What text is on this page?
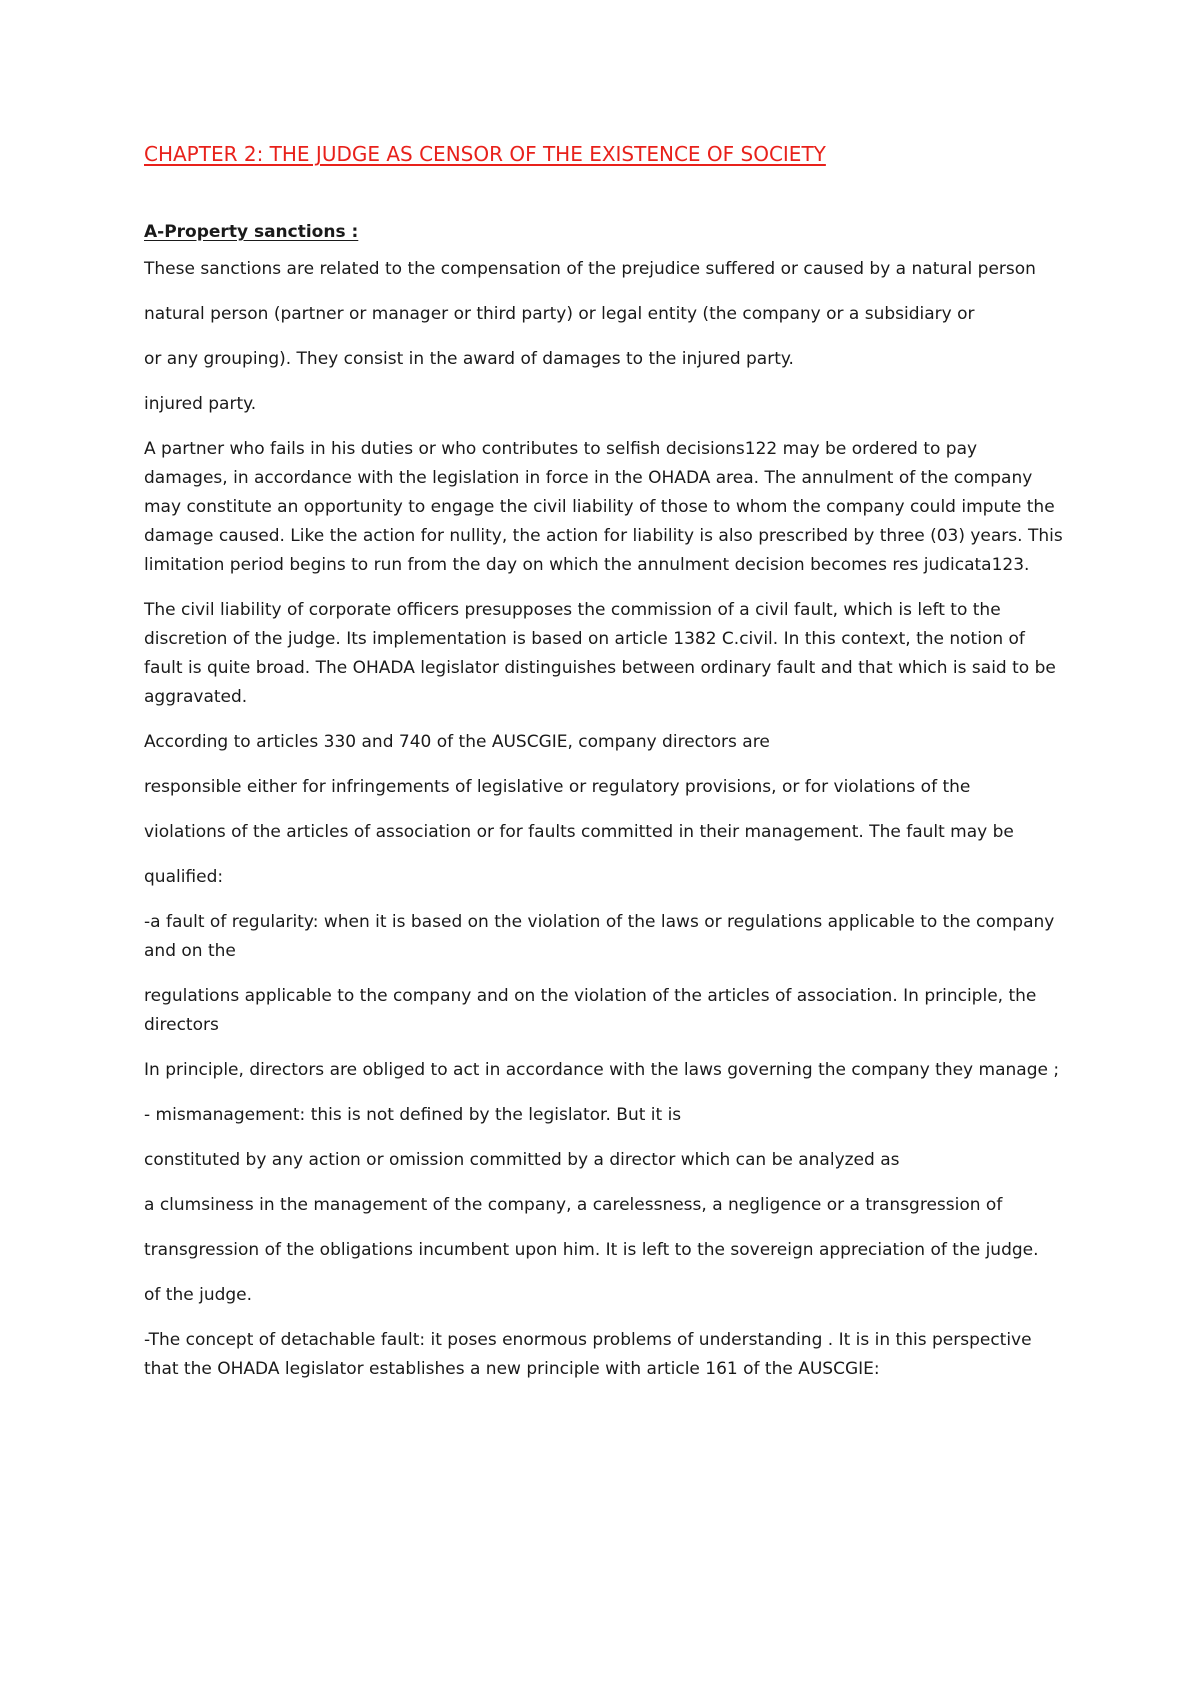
CHAPTER 2: THE JUDGE AS CENSOR OF THE EXISTENCE OF SOCIETY
A-Property sanctions :

These sanctions are related to the compensation of the prejudice suffered or caused by a natural person

natural person (partner or manager or third party) or legal entity (the company or a subsidiary or

or any grouping). They consist in the award of damages to the injured party.

injured party.

A partner who fails in his duties or who contributes to selfish decisions122 may be ordered to pay damages, in accordance with the legislation in force in the OHADA area. The annulment of the company may constitute an opportunity to engage the civil liability of those to whom the company could impute the damage caused. Like the action for nullity, the action for liability is also prescribed by three (03) years. This limitation period begins to run from the day on which the annulment decision becomes res judicata123.

The civil liability of corporate officers presupposes the commission of a civil fault, which is left to the discretion of the judge. Its implementation is based on article 1382 C.civil. In this context, the notion of fault is quite broad. The OHADA legislator distinguishes between ordinary fault and that which is said to be aggravated.

According to articles 330 and 740 of the AUSCGIE, company directors are

responsible either for infringements of legislative or regulatory provisions, or for violations of the

violations of the articles of association or for faults committed in their management. The fault may be

qualified:

-a fault of regularity: when it is based on the violation of the laws or regulations applicable to the company and on the

regulations applicable to the company and on the violation of the articles of association. In principle, the directors

In principle, directors are obliged to act in accordance with the laws governing the company they manage ;

- mismanagement: this is not defined by the legislator. But it is

constituted by any action or omission committed by a director which can be analyzed as

a clumsiness in the management of the company, a carelessness, a negligence or a transgression of

transgression of the obligations incumbent upon him. It is left to the sovereign appreciation of the judge.

of the judge.

-The concept of detachable fault: it poses enormous problems of understanding . It is in this perspective that the OHADA legislator establishes a new principle with article 161 of the AUSCGIE:
